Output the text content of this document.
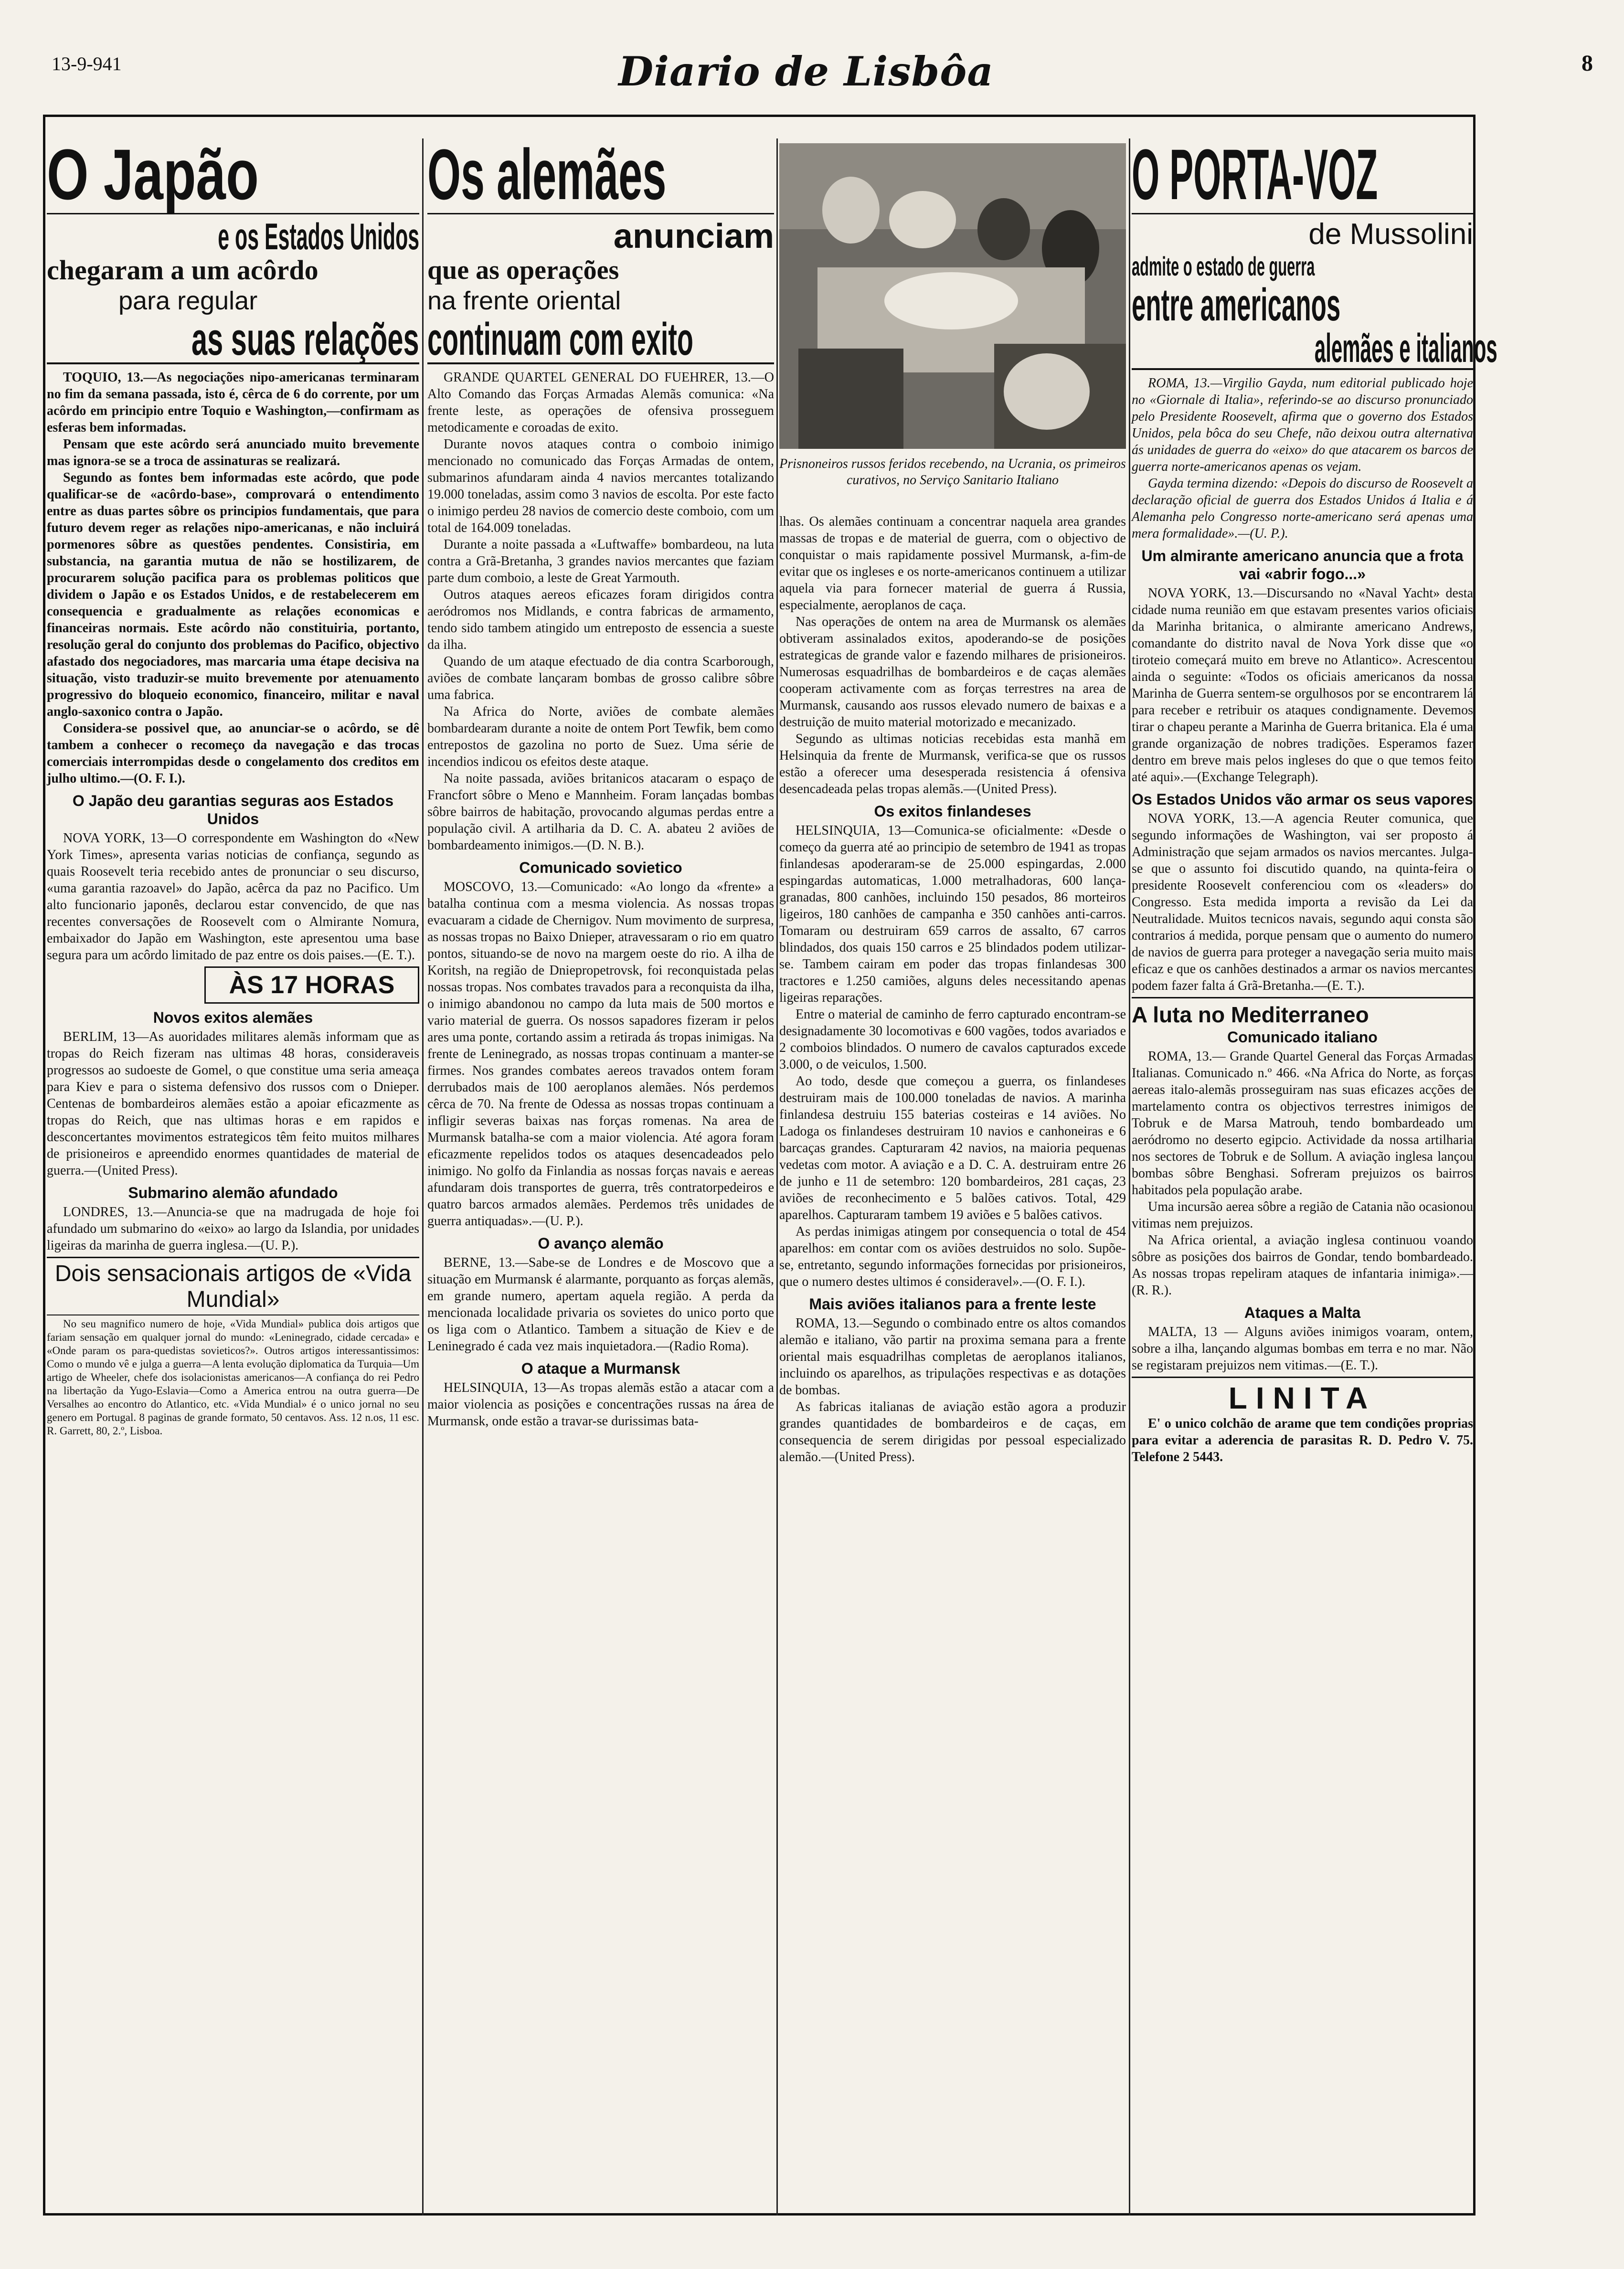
13-9-941	Diario de Lisbôa	8
O Japão
e os Estados Unidos
chegaram a um acôrdo
para regular
as suas relações

TOQUIO, 13.—As negociações nipo-americanas terminaram no fim da semana passada, isto é, cêrca de 6 do corrente, por um acôrdo em principio entre Toquio e Washington,—confirmam as esferas bem informadas.

Pensam que este acôrdo será anunciado muito brevemente mas ignora-se se a troca de assinaturas se realizará.

Segundo as fontes bem informadas este acôrdo, que pode qualificar-se de «acôrdo-base», comprovará o entendimento entre as duas partes sôbre os principios fundamentais, que para futuro devem reger as relações nipo-americanas, e não incluirá pormenores sôbre as questões pendentes. Consistiria, em substancia, na garantia mutua de não se hostilizarem, de procurarem solução pacifica para os problemas politicos que dividem o Japão e os Estados Unidos, e de restabelecerem em consequencia e gradualmente as relações economicas e financeiras normais. Este acôrdo não constituiria, portanto, resolução geral do conjunto dos problemas do Pacifico, objectivo afastado dos negociadores, mas marcaria uma étape decisiva na situação, visto traduzir-se muito brevemente por atenuamento progressivo do bloqueio economico, financeiro, militar e naval anglo-saxonico contra o Japão.

Considera-se possivel que, ao anunciar-se o acôrdo, se dê tambem a conhecer o recomeço da navegação e das trocas comerciais interrompidas desde o congelamento dos creditos em julho ultimo.—(O. F. I.).

O Japão deu garantias seguras aos Estados Unidos

NOVA YORK, 13—O correspondente em Washington do «New York Times», apresenta varias noticias de confiança, segundo as quais Roosevelt teria recebido antes de pronunciar o seu discurso, «uma garantia razoavel» do Japão, acêrca da paz no Pacifico. Um alto funcionario japonês, declarou estar convencido, de que nas recentes conversações de Roosevelt com o Almirante Nomura, embaixador do Japão em Washington, este apresentou uma base segura para um acôrdo limitado de paz entre os dois paises.—(E. T.).

ÀS 17 HORAS
Novos exitos alemães

BERLIM, 13—As auoridades militares alemãs informam que as tropas do Reich fizeram nas ultimas 48 horas, consideraveis progressos ao sudoeste de Gomel, o que constitue uma seria ameaça para Kiev e para o sistema defensivo dos russos com o Dnieper. Centenas de bombardeiros alemães estão a apoiar eficazmente as tropas do Reich, que nas ultimas horas e em rapidos e desconcertantes movimentos estrategicos têm feito muitos milhares de prisioneiros e apreendido enormes quantidades de material de guerra.—(United Press).

Submarino alemão afundado

LONDRES, 13.—Anuncia-se que na madrugada de hoje foi afundado um submarino do «eixo» ao largo da Islandia, por unidades ligeiras da marinha de guerra inglesa.—(U. P.).

Dois sensacionais artigos de «Vida Mundial»

No seu magnifico numero de hoje, «Vida Mundial» publica dois artigos que fariam sensação em qualquer jornal do mundo: «Leninegrado, cidade cercada» e «Onde param os para-quedistas sovieticos?». Outros artigos interessantissimos: Como o mundo vê e julga a guerra—A lenta evolução diplomatica da Turquia—Um artigo de Wheeler, chefe dos isolacionistas americanos—A confiança do rei Pedro na libertação da Yugo-Eslavia—Como a America entrou na outra guerra—De Versalhes ao encontro do Atlantico, etc. «Vida Mundial» é o unico jornal no seu genero em Portugal. 8 paginas de grande formato, 50 centavos. Ass. 12 n.os, 11 esc. R. Garrett, 80, 2.º, Lisboa.

Os alemães
anunciam
que as operações
na frente oriental
continuam com exito

GRANDE QUARTEL GENERAL DO FUEHRER, 13.—O Alto Comando das Forças Armadas Alemãs comunica: «Na frente leste, as operações de ofensiva prosseguem metodicamente e coroadas de exito.

Durante novos ataques contra o comboio inimigo mencionado no comunicado das Forças Armadas de ontem, submarinos afundaram ainda 4 navios mercantes totalizando 19.000 toneladas, assim como 3 navios de escolta. Por este facto o inimigo perdeu 28 navios de comercio deste comboio, com um total de 164.009 toneladas.

Durante a noite passada a «Luftwaffe» bombardeou, na luta contra a Grã-Bretanha, 3 grandes navios mercantes que faziam parte dum comboio, a leste de Great Yarmouth.

Outros ataques aereos eficazes foram dirigidos contra aeródromos nos Midlands, e contra fabricas de armamento, tendo sido tambem atingido um entreposto de essencia a sueste da ilha.

Quando de um ataque efectuado de dia contra Scarborough, aviões de combate lançaram bombas de grosso calibre sôbre uma fabrica.

Na Africa do Norte, aviões de combate alemães bombardearam durante a noite de ontem Port Tewfik, bem como entrepostos de gazolina no porto de Suez. Uma série de incendios indicou os efeitos deste ataque.

Na noite passada, aviões britanicos atacaram o espaço de Francfort sôbre o Meno e Mannheim. Foram lançadas bombas sôbre bairros de habitação, provocando algumas perdas entre a população civil. A artilharia da D. C. A. abateu 2 aviões de bombardeamento inimigos.—(D. N. B.).

Comunicado sovietico

MOSCOVO, 13.—Comunicado: «Ao longo da «frente» a batalha continua com a mesma violencia. As nossas tropas evacuaram a cidade de Chernigov. Num movimento de surpresa, as nossas tropas no Baixo Dnieper, atravessaram o rio em quatro pontos, situando-se de novo na margem oeste do rio. A ilha de Koritsh, na região de Dniepropetrovsk, foi reconquistada pelas nossas tropas. Nos combates travados para a reconquista da ilha, o inimigo abandonou no campo da luta mais de 500 mortos e vario material de guerra. Os nossos sapadores fizeram ir pelos ares uma ponte, cortando assim a retirada ás tropas inimigas. Na frente de Leninegrado, as nossas tropas continuam a manter-se firmes. Nos grandes combates aereos travados ontem foram derrubados mais de 100 aeroplanos alemães. Nós perdemos cêrca de 70. Na frente de Odessa as nossas tropas continuam a infligir severas baixas nas forças romenas. Na area de Murmansk batalha-se com a maior violencia. Até agora foram eficazmente repelidos todos os ataques desencadeados pelo inimigo. No golfo da Finlandia as nossas forças navais e aereas afundaram dois transportes de guerra, três contratorpedeiros e quatro barcos armados alemães. Perdemos três unidades de guerra antiquadas».—(U. P.).

O avanço alemão

BERNE, 13.—Sabe-se de Londres e de Moscovo que a situação em Murmansk é alarmante, porquanto as forças alemãs, em grande numero, apertam aquela região. A perda da mencionada localidade privaria os sovietes do unico porto que os liga com o Atlantico. Tambem a situação de Kiev e de Leninegrado é cada vez mais inquietadora.—(Radio Roma).

O ataque a Murmansk

HELSINQUIA, 13—As tropas alemãs estão a atacar com a maior violencia as posições e concentrações russas na área de Murmansk, onde estão a travar-se durissimas bata-

Prisnoneiros russos feridos recebendo, na Ucrania, os primeiros curativos, no Serviço Sanitario Italiano

lhas. Os alemães continuam a concentrar naquela area grandes massas de tropas e de material de guerra, com o objectivo de conquistar o mais rapidamente possivel Murmansk, a-fim-de evitar que os ingleses e os norte-americanos continuem a utilizar aquela via para fornecer material de guerra á Russia, especialmente, aeroplanos de caça.

Nas operações de ontem na area de Murmansk os alemães obtiveram assinalados exitos, apoderando-se de posições estrategicas de grande valor e fazendo milhares de prisioneiros. Numerosas esquadrilhas de bombardeiros e de caças alemães cooperam activamente com as forças terrestres na area de Murmansk, causando aos russos elevado numero de baixas e a destruição de muito material motorizado e mecanizado.

Segundo as ultimas noticias recebidas esta manhã em Helsinquia da frente de Murmansk, verifica-se que os russos estão a oferecer uma desesperada resistencia á ofensiva desencadeada pelas tropas alemãs.—(United Press).

Os exitos finlandeses

HELSINQUIA, 13—Comunica-se oficialmente: «Desde o começo da guerra até ao principio de setembro de 1941 as tropas finlandesas apoderaram-se de 25.000 espingardas, 2.000 espingardas automaticas, 1.000 metralhadoras, 600 lança-granadas, 800 canhões, incluindo 150 pesados, 86 morteiros ligeiros, 180 canhões de campanha e 350 canhões anti-carros. Tomaram ou destruiram 659 carros de assalto, 67 carros blindados, dos quais 150 carros e 25 blindados podem utilizar-se. Tambem cairam em poder das tropas finlandesas 300 tractores e 1.250 camiões, alguns deles necessitando apenas ligeiras reparações.

Entre o material de caminho de ferro capturado encontram-se designadamente 30 locomotivas e 600 vagões, todos avariados e 2 comboios blindados. O numero de cavalos capturados excede 3.000, o de veiculos, 1.500.

Ao todo, desde que começou a guerra, os finlandeses destruiram mais de 100.000 toneladas de navios. A marinha finlandesa destruiu 155 baterias costeiras e 14 aviões. No Ladoga os finlandeses destruiram 10 navios e canhoneiras e 6 barcaças grandes. Capturaram 42 navios, na maioria pequenas vedetas com motor. A aviação e a D. C. A. destruiram entre 26 de junho e 11 de setembro: 120 bombardeiros, 281 caças, 23 aviões de reconhecimento e 5 balões cativos. Total, 429 aparelhos. Capturaram tambem 19 aviões e 5 balões cativos.

As perdas inimigas atingem por consequencia o total de 454 aparelhos: em contar com os aviões destruidos no solo. Supõe-se, entretanto, segundo informações fornecidas por prisioneiros, que o numero destes ultimos é consideravel».—(O. F. I.).

Mais aviões italianos para a frente leste

ROMA, 13.—Segundo o combinado entre os altos comandos alemão e italiano, vão partir na proxima semana para a frente oriental mais esquadrilhas completas de aeroplanos italianos, incluindo os aparelhos, as tripulações respectivas e as dotações de bombas.

As fabricas italianas de aviação estão agora a produzir grandes quantidades de bombardeiros e de caças, em consequencia de serem dirigidas por pessoal especializado alemão.—(United Press).

O PORTA-VOZ
de Mussolini
admite o estado de guerra
entre americanos
alemães e italianos

ROMA, 13.—Virgilio Gayda, num editorial publicado hoje no «Giornale di Italia», referindo-se ao discurso pronunciado pelo Presidente Roosevelt, afirma que o governo dos Estados Unidos, pela bôca do seu Chefe, não deixou outra alternativa ás unidades de guerra do «eixo» do que atacarem os barcos de guerra norte-americanos apenas os vejam.

Gayda termina dizendo: «Depois do discurso de Roosevelt a declaração oficial de guerra dos Estados Unidos á Italia e á Alemanha pelo Congresso norte-americano será apenas uma mera formalidade».—(U. P.).

Um almirante americano anuncia que a frota vai «abrir fogo...»

NOVA YORK, 13.—Discursando no «Naval Yacht» desta cidade numa reunião em que estavam presentes varios oficiais da Marinha britanica, o almirante americano Andrews, comandante do distrito naval de Nova York disse que «o tiroteio começará muito em breve no Atlantico». Acrescentou ainda o seguinte: «Todos os oficiais americanos da nossa Marinha de Guerra sentem-se orgulhosos por se encontrarem lá para receber e retribuir os ataques condignamente. Devemos tirar o chapeu perante a Marinha de Guerra britanica. Ela é uma grande organização de nobres tradições. Esperamos fazer dentro em breve mais pelos ingleses do que o que temos feito até aqui».—(Exchange Telegraph).

Os Estados Unidos vão armar os seus vapores

NOVA YORK, 13.—A agencia Reuter comunica, que segundo informações de Washington, vai ser proposto á Administração que sejam armados os navios mercantes. Julga-se que o assunto foi discutido quando, na quinta-feira o presidente Roosevelt conferenciou com os «leaders» do Congresso. Esta medida importa a revisão da Lei da Neutralidade. Muitos tecnicos navais, segundo aqui consta são contrarios á medida, porque pensam que o aumento do numero de navios de guerra para proteger a navegação seria muito mais eficaz e que os canhões destinados a armar os navios mercantes podem fazer falta á Grã-Bretanha.—(E. T.).

A luta no Mediterraneo
Comunicado italiano

ROMA, 13.— Grande Quartel General das Forças Armadas Italianas. Comunicado n.º 466. «Na Africa do Norte, as forças aereas italo-alemãs prosseguiram nas suas eficazes acções de martelamento contra os objectivos terrestres inimigos de Tobruk e de Marsa Matrouh, tendo bombardeado um aeródromo no deserto egipcio. Actividade da nossa artilharia nos sectores de Tobruk e de Sollum. A aviação inglesa lançou bombas sôbre Benghasi. Sofreram prejuizos os bairros habitados pela população arabe.

Uma incursão aerea sôbre a região de Catania não ocasionou vitimas nem prejuizos.

Na Africa oriental, a aviação inglesa continuou voando sôbre as posições dos bairros de Gondar, tendo bombardeado. As nossas tropas repeliram ataques de infantaria inimiga».—(R. R.).

Ataques a Malta

MALTA, 13 — Alguns aviões inimigos voaram, ontem, sobre a ilha, lançando algumas bombas em terra e no mar. Não se registaram prejuizos nem vitimas.—(E. T.).

LINITA

E' o unico colchão de arame que tem condições proprias para evitar a aderencia de parasitas R. D. Pedro V. 75. Telefone 2 5443.
